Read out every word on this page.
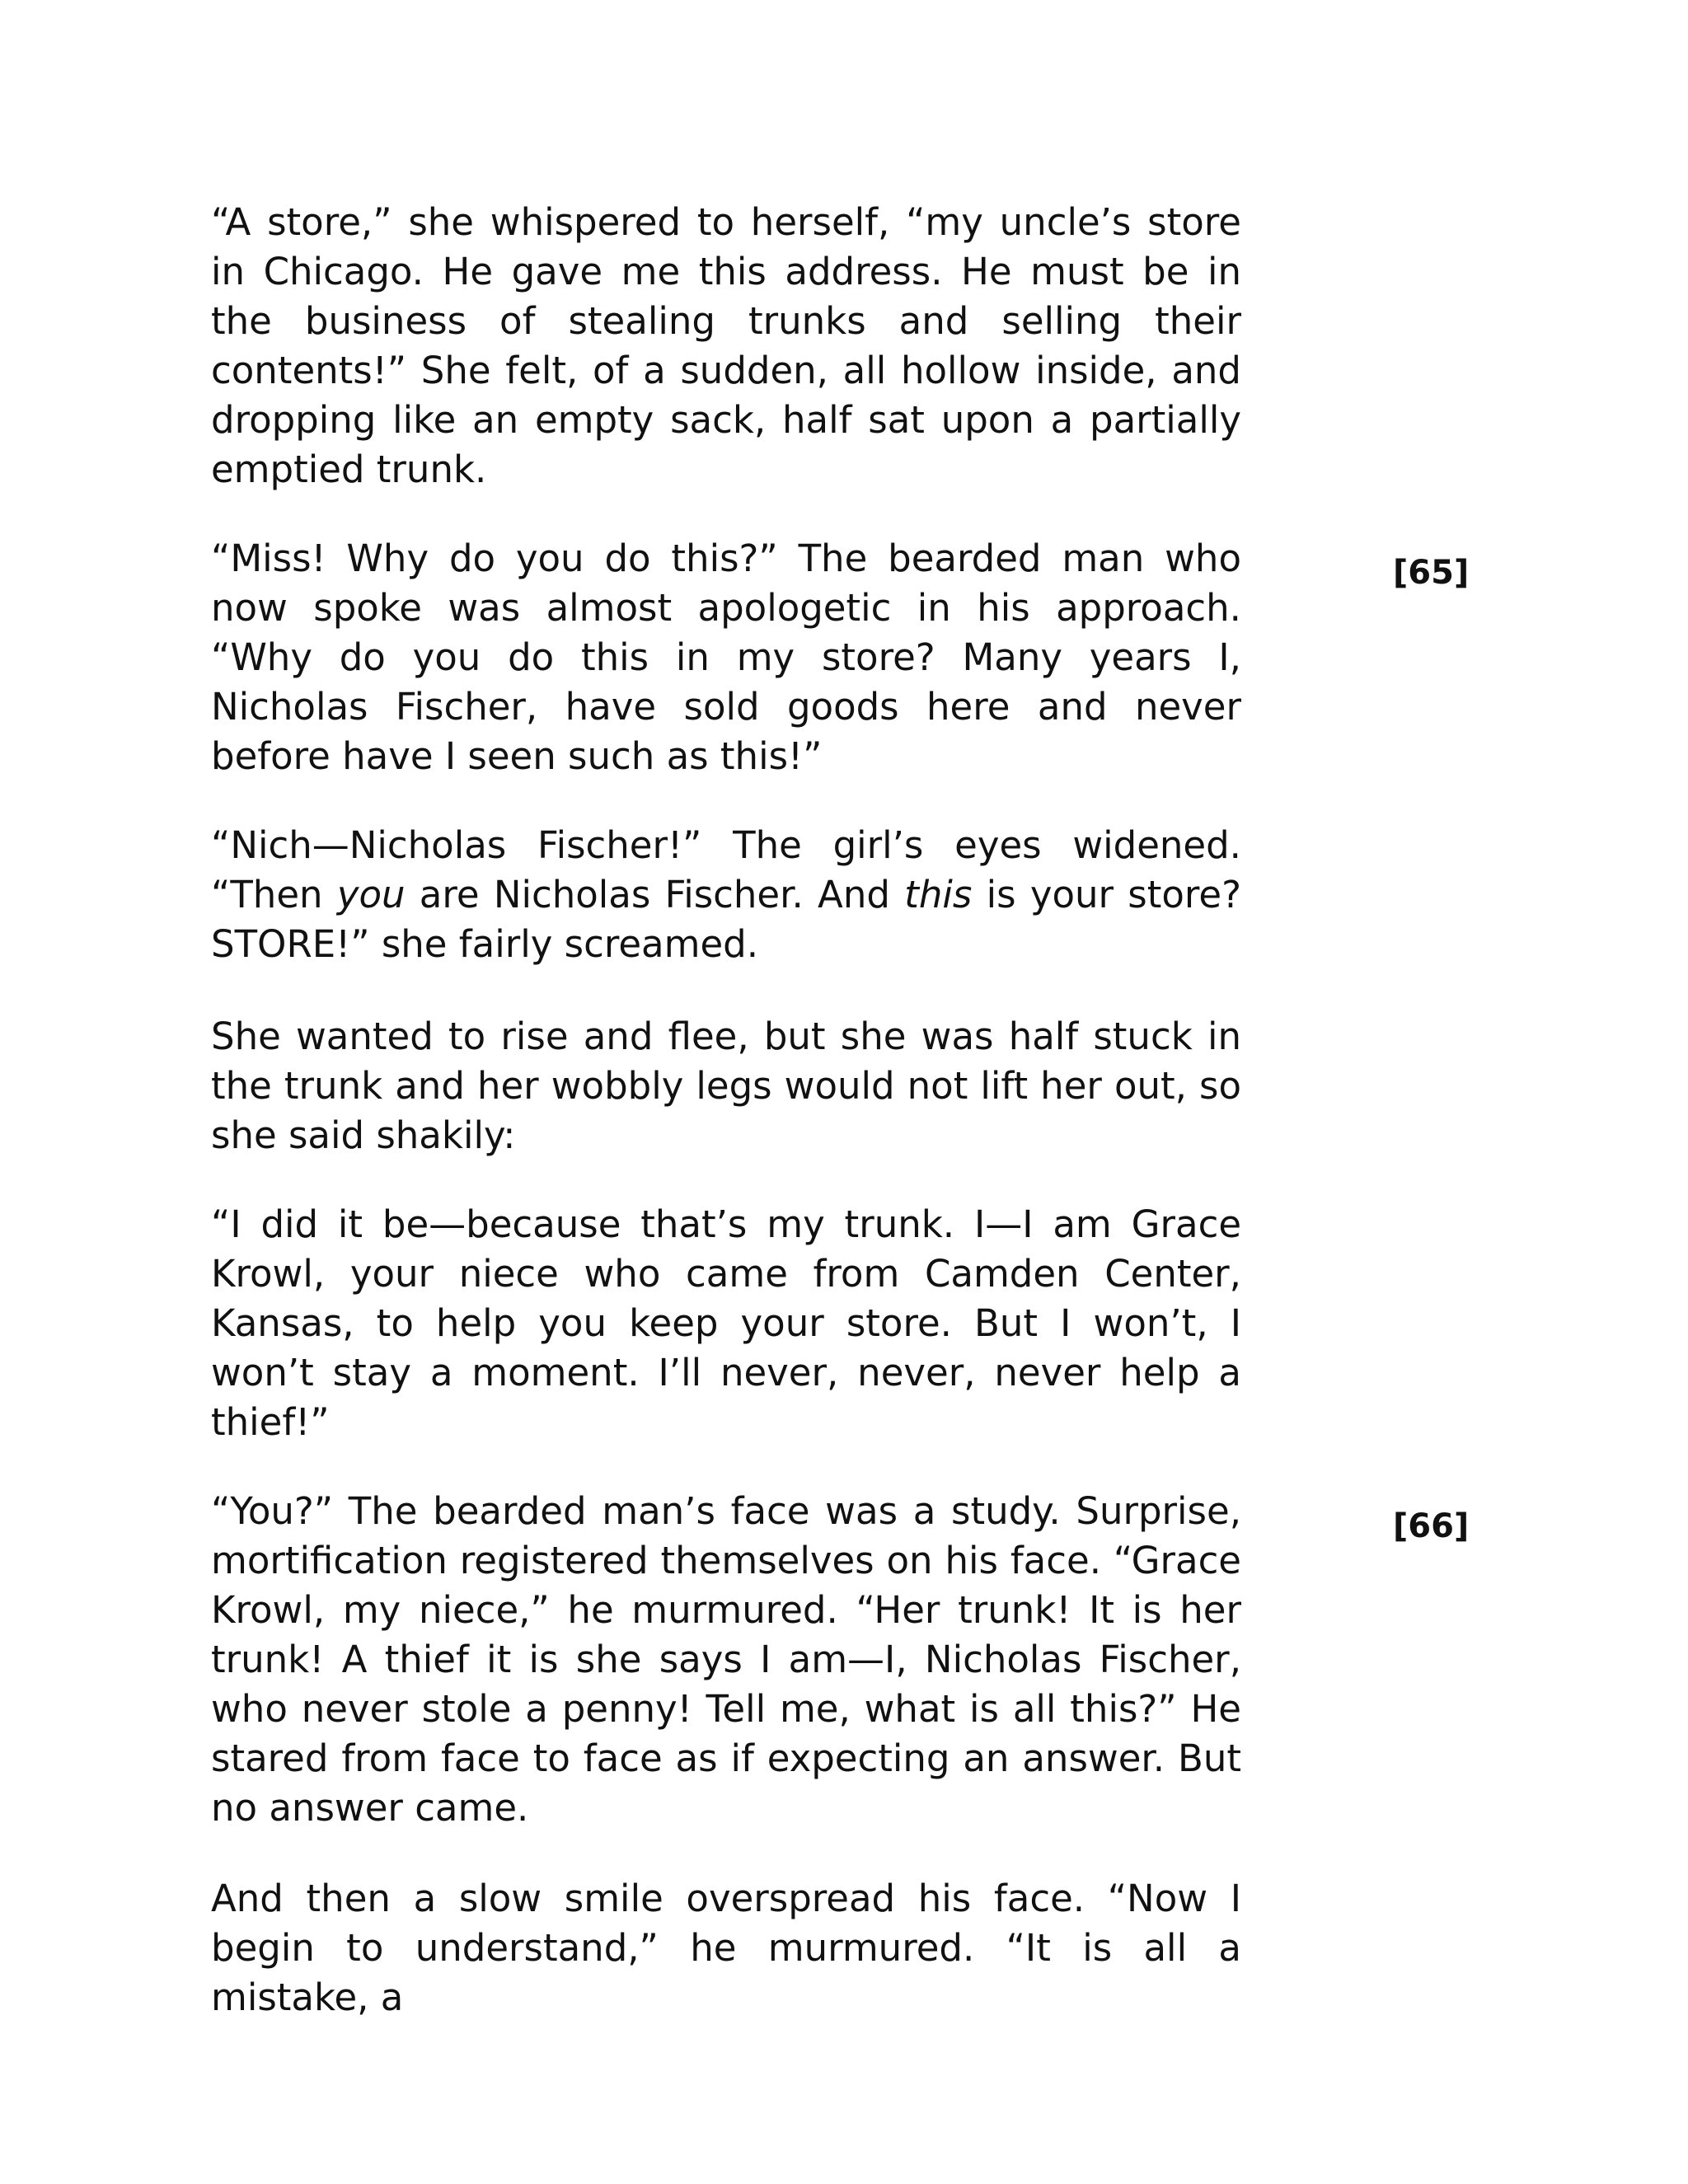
“A store,” she whispered to herself, “my uncle’s store in Chicago. He gave me this address. He must be in the business of stealing trunks and selling their contents!” She felt, of a sudden, all hollow inside, and dropping like an empty sack, half sat upon a partially emptied trunk.

“Miss! Why do you do this?” The bearded man who now spoke was almost apologetic in his approach. “Why do you do this in my store? Many years I, Nicholas Fischer, have sold goods here and never before have I seen such as this!”

[65]

“Nich—Nicholas Fischer!” The girl’s eyes widened. “Then you are Nicholas Fischer. And this is your store? STORE!” she fairly screamed.

She wanted to rise and flee, but she was half stuck in the trunk and her wobbly legs would not lift her out, so she said shakily:

“I did it be—because that’s my trunk. I—I am Grace Krowl, your niece who came from Camden Center, Kansas, to help you keep your store. But I won’t, I won’t stay a moment. I’ll never, never, never help a thief!”

“You?” The bearded man’s face was a study. Surprise, mortification registered themselves on his face. “Grace Krowl, my niece,” he murmured. “Her trunk! It is her trunk! A thief it is she says I am—I, Nicholas Fischer, who never stole a penny! Tell me, what is all this?” He stared from face to face as if expecting an answer. But no answer came.

[66]

And then a slow smile overspread his face. “Now I begin to understand,” he murmured. “It is all a mistake, a
